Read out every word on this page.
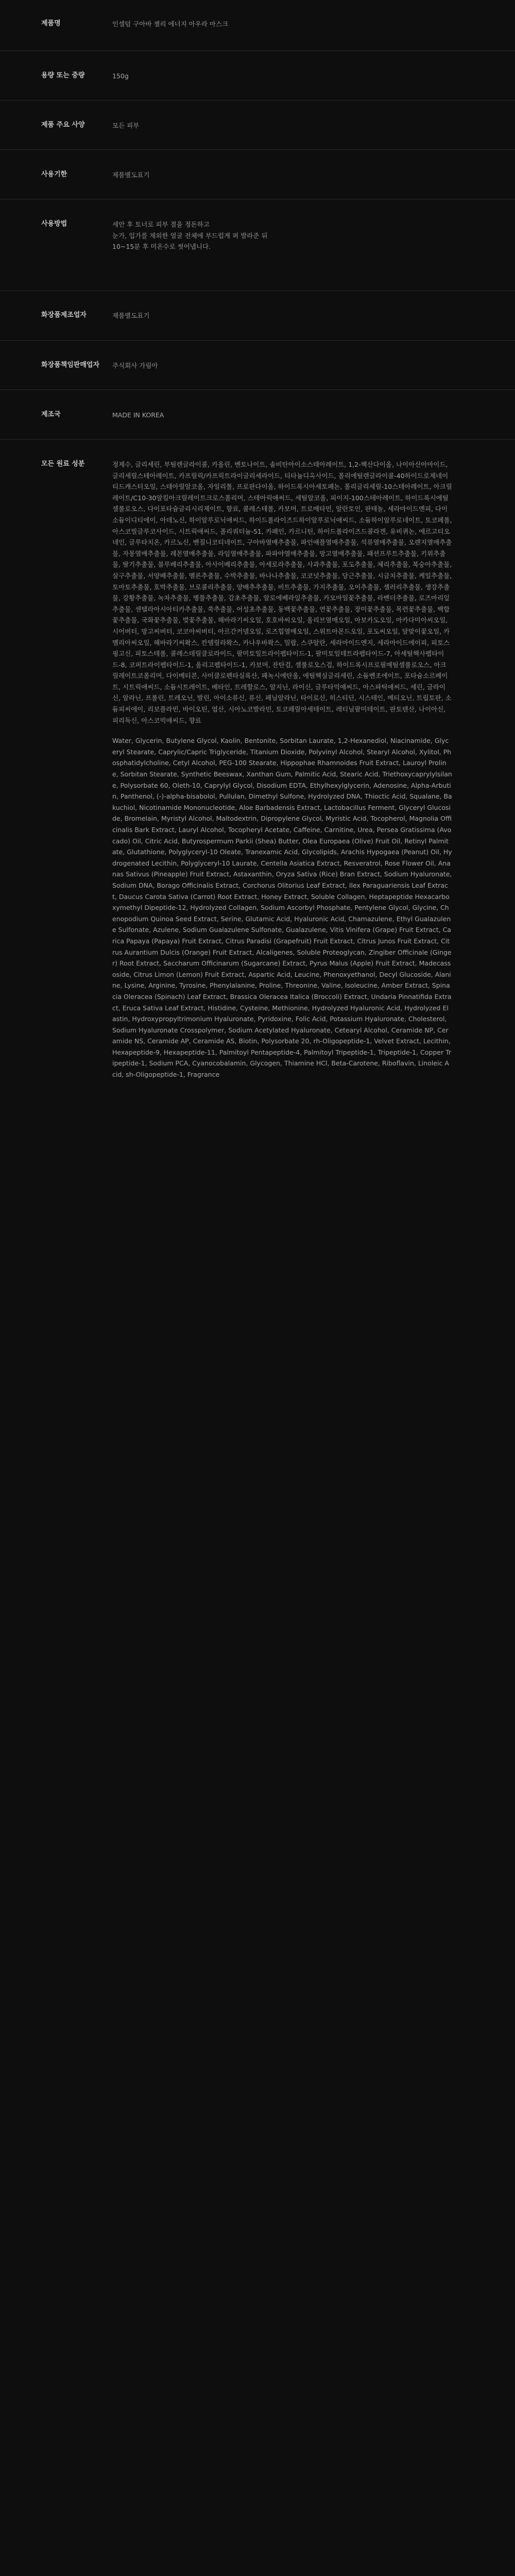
제품명	인셀덤 구아바 젤리 에너지 아우라 마스크
용량 또는 중량	150g
제품 주요 사양	모든 피부
사용기한	제품별도표기
사용방법	세안 후 토너로 피부 결을 정돈하고
눈가, 입가를 제외한 얼굴 전체에 부드럽게 펴 발라준 뒤
10~15분 후 미온수로 씻어냅니다.
화장품제조업자	제품별도표기
화장품책임판매업자	주식회사 가림아
제조국	MADE IN KOREA
모든 원료 성분	정제수, 글리세린, 부틸렌글라이콜, 카올린, 벤토나이트, 솔비탄아이소스테아레이트, 1,2-헥산다이올, 나이아신아마이드, 글리세릴스테아레이트, 카프릴릭/카프릭트라이글리세라이드, 티타늄디옥사이드, 폴리에틸렌글라이콜-40하이드로제네이티드캐스터오일, 스테아릴알코올, 자일리톨, 프로판다이올, 하이드록시아세토페논, 폴리글리세릴-10스테아레이트, 아크릴레이트/C10-30알킬아크릴레이트크로스폴리머, 스테아릭애씨드, 세틸알코올, 피이지-100스테아레이트, 하이드록시에틸셀룰로오스, 다이포타슘글리시리제이트, 향료, 콜레스테롤, 카보머, 트로메타민, 알란토인, 판테놀, 세라마이드엔피, 다이소듐이디티에이, 아데노신, 하이알루로닉애씨드, 하이드롤라이즈드하이알루로닉애씨드, 소듐하이알루로네이트, 토코페롤, 아스코빌글루코사이드, 시트릭애씨드, 폴리쿼터늄-51, 카페인, 카르니틴, 하이드롤라이즈드콜라겐, 유비퀴논, 에르고티오네인, 글루타치온, 카르노신, 벤질니코티네이트, 구아바열매추출물, 파인애플열매추출물, 석류열매추출물, 오렌지열매추출물, 자몽열매추출물, 레몬열매추출물, 라임열매추출물, 파파야열매추출물, 망고열매추출물, 패션프루트추출물, 키위추출물, 딸기추출물, 블루베리추출물, 아사이베리추출물, 아세로라추출물, 사과추출물, 포도추출물, 체리추출물, 복숭아추출물, 살구추출물, 서양배추출물, 멜론추출물, 수박추출물, 바나나추출물, 코코넛추출물, 당근추출물, 시금치추출물, 케일추출물, 토마토추출물, 호박추출물, 브로콜리추출물, 양배추추출물, 비트추출물, 가지추출물, 오이추출물, 셀러리추출물, 생강추출물, 강황추출물, 녹차추출물, 병풀추출물, 감초추출물, 알로에베라잎추출물, 카모마일꽃추출물, 라벤더추출물, 로즈마리잎추출물, 센텔라아시아티카추출물, 쑥추출물, 어성초추출물, 동백꽃추출물, 연꽃추출물, 장미꽃추출물, 목련꽃추출물, 백합꽃추출물, 국화꽃추출물, 벚꽃추출물, 해바라기씨오일, 호호바씨오일, 올리브열매오일, 아보카도오일, 마카다미아씨오일, 시어버터, 망고씨버터, 코코아씨버터, 아르간커넬오일, 로즈힙열매오일, 스위트아몬드오일, 포도씨오일, 달맞이꽃오일, 카멜리아씨오일, 해바라기씨왁스, 칸델릴라왁스, 카나우바왁스, 밀랍, 스쿠알란, 세라마이드엔지, 세라마이드에이피, 피토스핑고신, 피토스테롤, 콜레스테릴클로라이드, 팔미토일트라이펩타이드-1, 팔미토일테트라펩타이드-7, 아세틸헥사펩타이드-8, 코퍼트라이펩타이드-1, 올리고펩타이드-1, 카보머, 잔탄검, 셀룰로오스검, 하이드록시프로필메틸셀룰로오스, 아크릴레이트코폴리머, 다이메티콘, 사이클로펜타실록산, 페녹시에탄올, 에틸헥실글리세린, 소듐벤조에이트, 포타슘소르베이트, 시트릭애씨드, 소듐시트레이트, 베타인, 트레할로스, 알지닌, 라이신, 글루타믹애씨드, 아스파틱애씨드, 세린, 글라이신, 알라닌, 프롤린, 트레오닌, 발린, 아이소류신, 류신, 페닐알라닌, 타이로신, 히스티딘, 시스테인, 메티오닌, 트립토판, 소듐피씨에이, 리보플라빈, 바이오틴, 엽산, 시아노코발라민, 토코페릴아세테이트, 레티닐팔미테이트, 판토텐산, 나이아신, 피리독신, 아스코빅애씨드, 향료
Water, Glycerin, Butylene Glycol, Kaolin, Bentonite, Sorbitan Laurate, 1,2-Hexanediol, Niacinamide, Glyceryl Stearate, Caprylic/Capric Triglyceride, Titanium Dioxide, Polyvinyl Alcohol, Stearyl Alcohol, Xylitol, Phosphatidylcholine, Cetyl Alcohol, PEG-100 Stearate, Hippophae Rhamnoides Fruit Extract, Lauroyl Proline, Sorbitan Stearate, Synthetic Beeswax, Xanthan Gum, Palmitic Acid, Stearic Acid, Triethoxycaprylylsilane, Polysorbate 60, Oleth-10, Caprylyl Glycol, Disodium EDTA, Ethylhexylglycerin, Adenosine, Alpha-Arbutin, Panthenol, (-)-alpha-bisabolol, Pullulan, Dimethyl Sulfone, Hydrolyzed DNA, Thioctic Acid, Squalane, Bakuchiol, Nicotinamide Mononucleotide, Aloe Barbadensis Extract, Lactobacillus Ferment, Glyceryl Glucoside, Bromelain, Myristyl Alcohol, Maltodextrin, Dipropylene Glycol, Myristic Acid, Tocopherol, Magnolia Officinalis Bark Extract, Lauryl Alcohol, Tocopheryl Acetate, Caffeine, Carnitine, Urea, Persea Gratissima (Avocado) Oil, Citric Acid, Butyrospermum Parkii (Shea) Butter, Olea Europaea (Olive) Fruit Oil, Retinyl Palmitate, Glutathione, Polyglyceryl-10 Oleate, Tranexamic Acid, Glycolipids, Arachis Hypogaea (Peanut) Oil, Hydrogenated Lecithin, Polyglyceryl-10 Laurate, Centella Asiatica Extract, Resveratrol, Rose Flower Oil, Ananas Sativus (Pineapple) Fruit Extract, Astaxanthin, Oryza Sativa (Rice) Bran Extract, Sodium Hyaluronate, Sodium DNA, Borago Officinalis Extract, Corchorus Olitorius Leaf Extract, Ilex Paraguariensis Leaf Extract, Daucus Carota Sativa (Carrot) Root Extract, Honey Extract, Soluble Collagen, Heptapeptide Hexacarboxymethyl Dipeptide-12, Hydrolyzed Collagen, Sodium Ascorbyl Phosphate, Pentylene Glycol, Glycine, Chenopodium Quinoa Seed Extract, Serine, Glutamic Acid, Hyaluronic Acid, Chamazulene, Ethyl Gualazulene Sulfonate, Azulene, Sodium Gualazulene Sulfonate, Gualazulene, Vitis Vinifera (Grape) Fruit Extract, Carica Papaya (Papaya) Fruit Extract, Citrus Paradisi (Grapefruit) Fruit Extract, Citrus Junos Fruit Extract, Citrus Aurantium Dulcis (Orange) Fruit Extract, Alcaligenes, Soluble Proteoglycan, Zingiber Officinale (Ginger) Root Extract, Saccharum Officinarum (Sugarcane) Extract, Pyrus Malus (Apple) Fruit Extract, Madecassoside, Citrus Limon (Lemon) Fruit Extract, Aspartic Acid, Leucine, Phenoxyethanol, Decyl Glucoside, Alanine, Lysine, Arginine, Tyrosine, Phenylalanine, Proline, Threonine, Valine, Isoleucine, Amber Extract, Spinacia Oleracea (Spinach) Leaf Extract, Brassica Oleracea Italica (Broccoli) Extract, Undaria Pinnatifida Extract, Eruca Sativa Leaf Extract, Histidine, Cysteine, Methionine, Hydrolyzed Hyaluronic Acid, Hydrolyzed Elastin, Hydroxypropyltrimonium Hyaluronate, Pyridoxine, Folic Acid, Potassium Hyaluronate, Cholesterol, Sodium Hyaluronate Crosspolymer, Sodium Acetylated Hyaluronate, Cetearyl Alcohol, Ceramide NP, Ceramide NS, Ceramide AP, Ceramide AS, Biotin, Polysorbate 20, rh-Oligopeptide-1, Velvet Extract, Lecithin, Hexapeptide-9, Hexapeptide-11, Palmitoyl Pentapeptide-4, Palmitoyl Tripeptide-1, Tripeptide-1, Copper Tripeptide-1, Sodium PCA, Cyanocobalamin, Glycogen, Thiamine HCl, Beta-Carotene, Riboflavin, Linoleic Acid, sh-Oligopeptide-1, Fragrance
